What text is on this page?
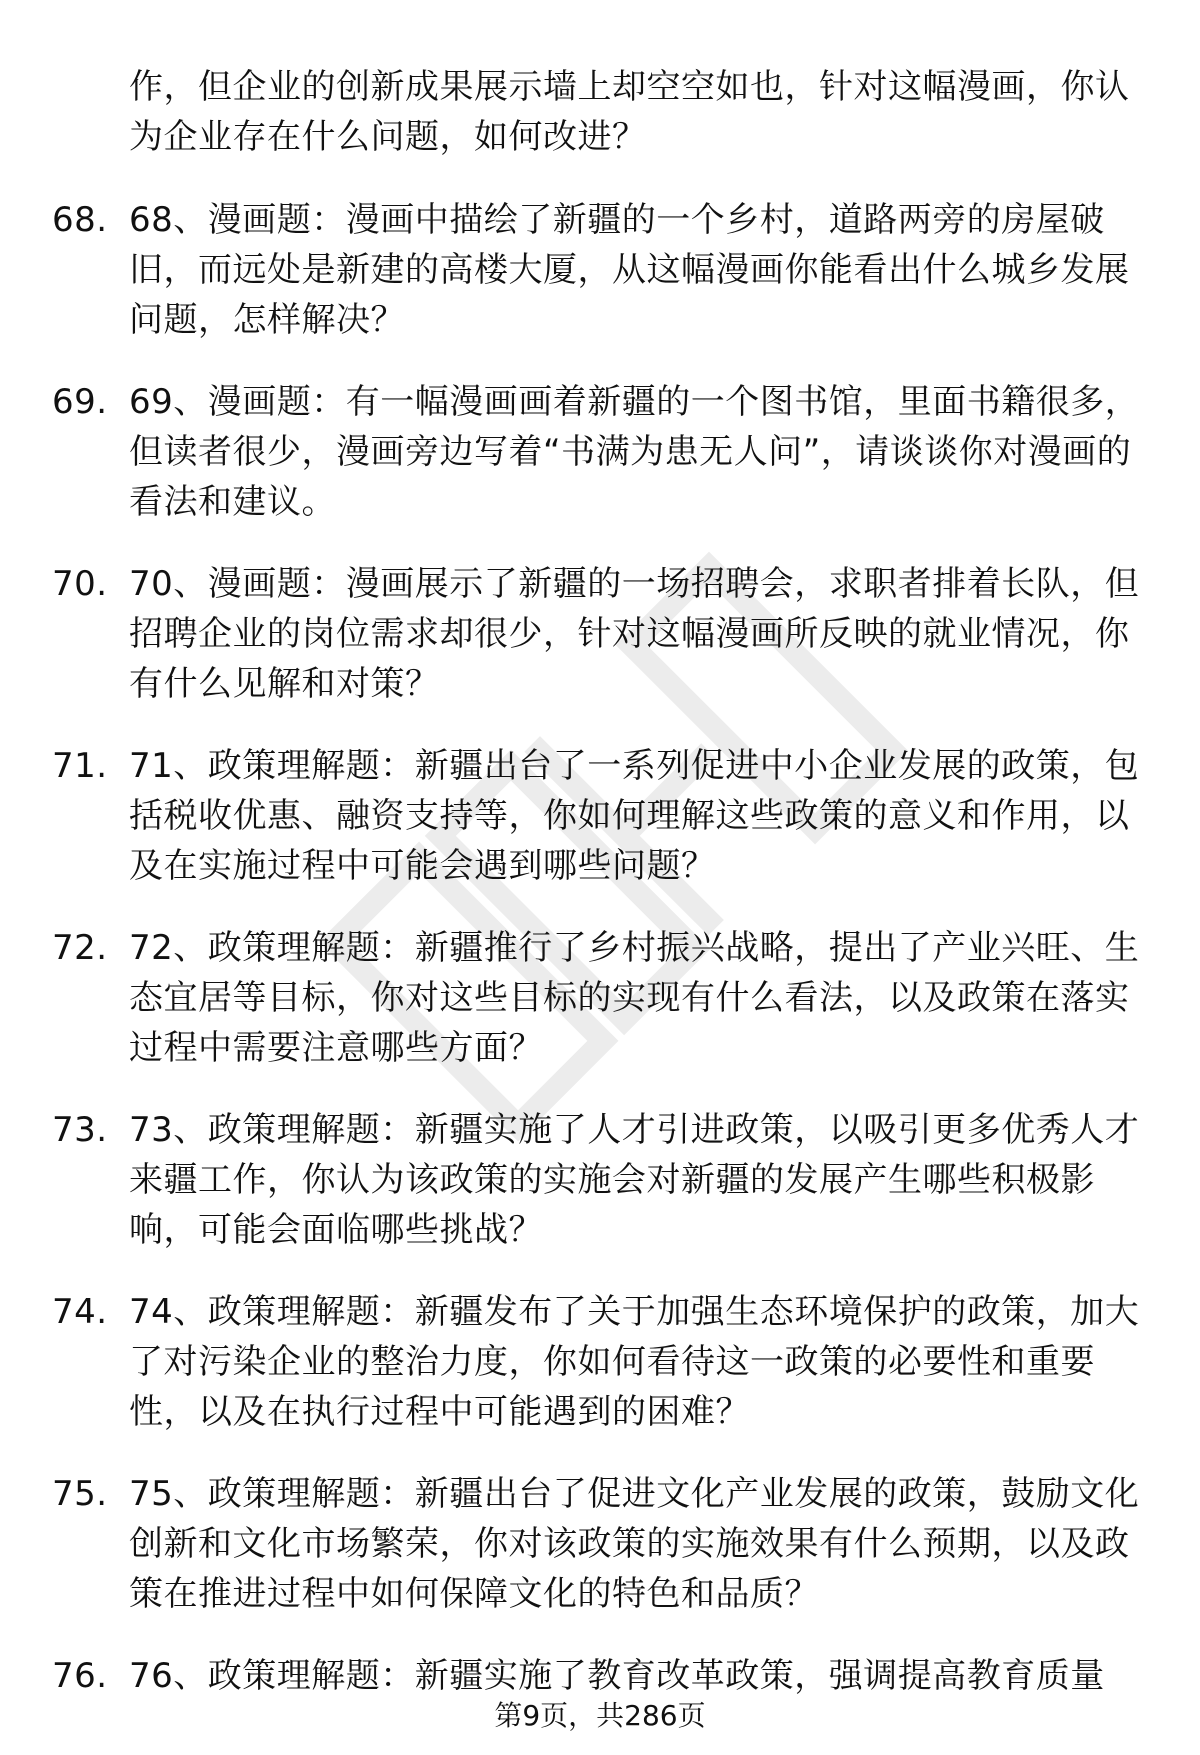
作，但企业的创新成果展示墙上却空空如也，针对这幅漫画，你认为企业存在什么问题，如何改进？
68. 68、漫画题：漫画中描绘了新疆的一个乡村，道路两旁的房屋破旧，而远处是新建的高楼大厦，从这幅漫画你能看出什么城乡发展问题，怎样解决？
69. 69、漫画题：有一幅漫画画着新疆的一个图书馆，里面书籍很多，但读者很少，漫画旁边写着“书满为患无人问”，请谈谈你对漫画的看法和建议。
70. 70、漫画题：漫画展示了新疆的一场招聘会，求职者排着长队，但招聘企业的岗位需求却很少，针对这幅漫画所反映的就业情况，你有什么见解和对策？
71. 71、政策理解题：新疆出台了一系列促进中小企业发展的政策，包括税收优惠、融资支持等，你如何理解这些政策的意义和作用，以及在实施过程中可能会遇到哪些问题？
72. 72、政策理解题：新疆推行了乡村振兴战略，提出了产业兴旺、生态宜居等目标，你对这些目标的实现有什么看法，以及政策在落实过程中需要注意哪些方面？
73. 73、政策理解题：新疆实施了人才引进政策，以吸引更多优秀人才来疆工作，你认为该政策的实施会对新疆的发展产生哪些积极影响，可能会面临哪些挑战？
74. 74、政策理解题：新疆发布了关于加强生态环境保护的政策，加大了对污染企业的整治力度，你如何看待这一政策的必要性和重要性，以及在执行过程中可能遇到的困难？
75. 75、政策理解题：新疆出台了促进文化产业发展的政策，鼓励文化创新和文化市场繁荣，你对该政策的实施效果有什么预期，以及政策在推进过程中如何保障文化的特色和品质？
76. 76、政策理解题：新疆实施了教育改革政策，强调提高教育质量
第9页，共286页
